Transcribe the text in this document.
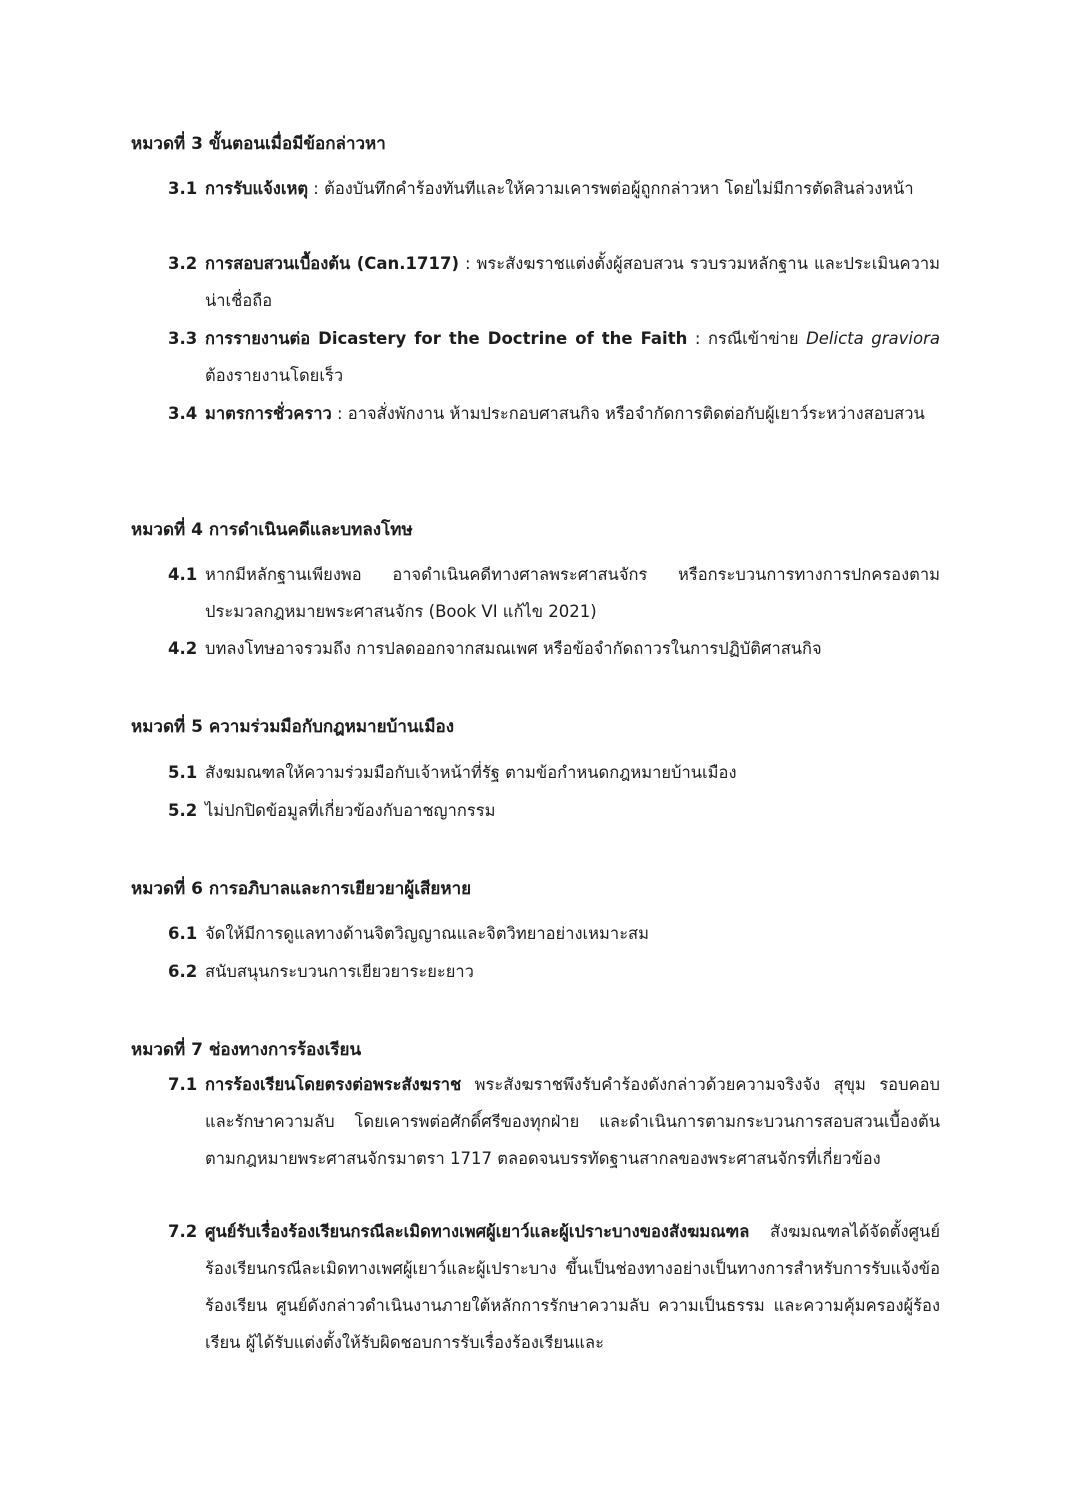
หมวดที่ 3 ขั้นตอนเมื่อมีข้อกล่าวหา
3.1 การรับแจ้งเหตุ : ต้องบันทึกคำร้องทันทีและให้ความเคารพต่อผู้ถูกกล่าวหา โดยไม่มีการตัดสินล่วงหน้า
3.2 การสอบสวนเบื้องต้น (Can.1717) : พระสังฆราชแต่งตั้งผู้สอบสวน รวบรวมหลักฐาน และประเมินความน่าเชื่อถือ
3.3 การรายงานต่อ Dicastery for the Doctrine of the Faith : กรณีเข้าข่าย Delicta graviora ต้องรายงานโดยเร็ว
3.4 มาตรการชั่วคราว : อาจสั่งพักงาน ห้ามประกอบศาสนกิจ หรือจำกัดการติดต่อกับผู้เยาว์ระหว่างสอบสวน
หมวดที่ 4 การดำเนินคดีและบทลงโทษ
4.1 หากมีหลักฐานเพียงพอ อาจดำเนินคดีทางศาลพระศาสนจักร หรือกระบวนการทางการปกครองตามประมวลกฎหมายพระศาสนจักร (Book VI แก้ไข 2021)
4.2 บทลงโทษอาจรวมถึง การปลดออกจากสมณเพศ หรือข้อจำกัดถาวรในการปฏิบัติศาสนกิจ
หมวดที่ 5 ความร่วมมือกับกฎหมายบ้านเมือง
5.1 สังฆมณฑลให้ความร่วมมือกับเจ้าหน้าที่รัฐ ตามข้อกำหนดกฎหมายบ้านเมือง
5.2 ไม่ปกปิดข้อมูลที่เกี่ยวข้องกับอาชญากรรม
หมวดที่ 6 การอภิบาลและการเยียวยาผู้เสียหาย
6.1 จัดให้มีการดูแลทางด้านจิตวิญญาณและจิตวิทยาอย่างเหมาะสม
6.2 สนับสนุนกระบวนการเยียวยาระยะยาว
หมวดที่ 7 ช่องทางการร้องเรียน
7.1 การร้องเรียนโดยตรงต่อพระสังฆราช พระสังฆราชพึงรับคำร้องดังกล่าวด้วยความจริงจัง สุขุม รอบคอบ และรักษาความลับ โดยเคารพต่อศักดิ์ศรีของทุกฝ่าย และดำเนินการตามกระบวนการสอบสวนเบื้องต้นตามกฎหมายพระศาสนจักรมาตรา 1717 ตลอดจนบรรทัดฐานสากลของพระศาสนจักรที่เกี่ยวข้อง
7.2 ศูนย์รับเรื่องร้องเรียนกรณีละเมิดทางเพศผู้เยาว์และผู้เปราะบางของสังฆมณฑล สังฆมณฑลได้จัดตั้งศูนย์ร้องเรียนกรณีละเมิดทางเพศผู้เยาว์และผู้เปราะบาง ขึ้นเป็นช่องทางอย่างเป็นทางการสำหรับการรับแจ้งข้อร้องเรียน ศูนย์ดังกล่าวดำเนินงานภายใต้หลักการรักษาความลับ ความเป็นธรรม และความคุ้มครองผู้ร้องเรียน ผู้ได้รับแต่งตั้งให้รับผิดชอบการรับเรื่องร้องเรียนและ
